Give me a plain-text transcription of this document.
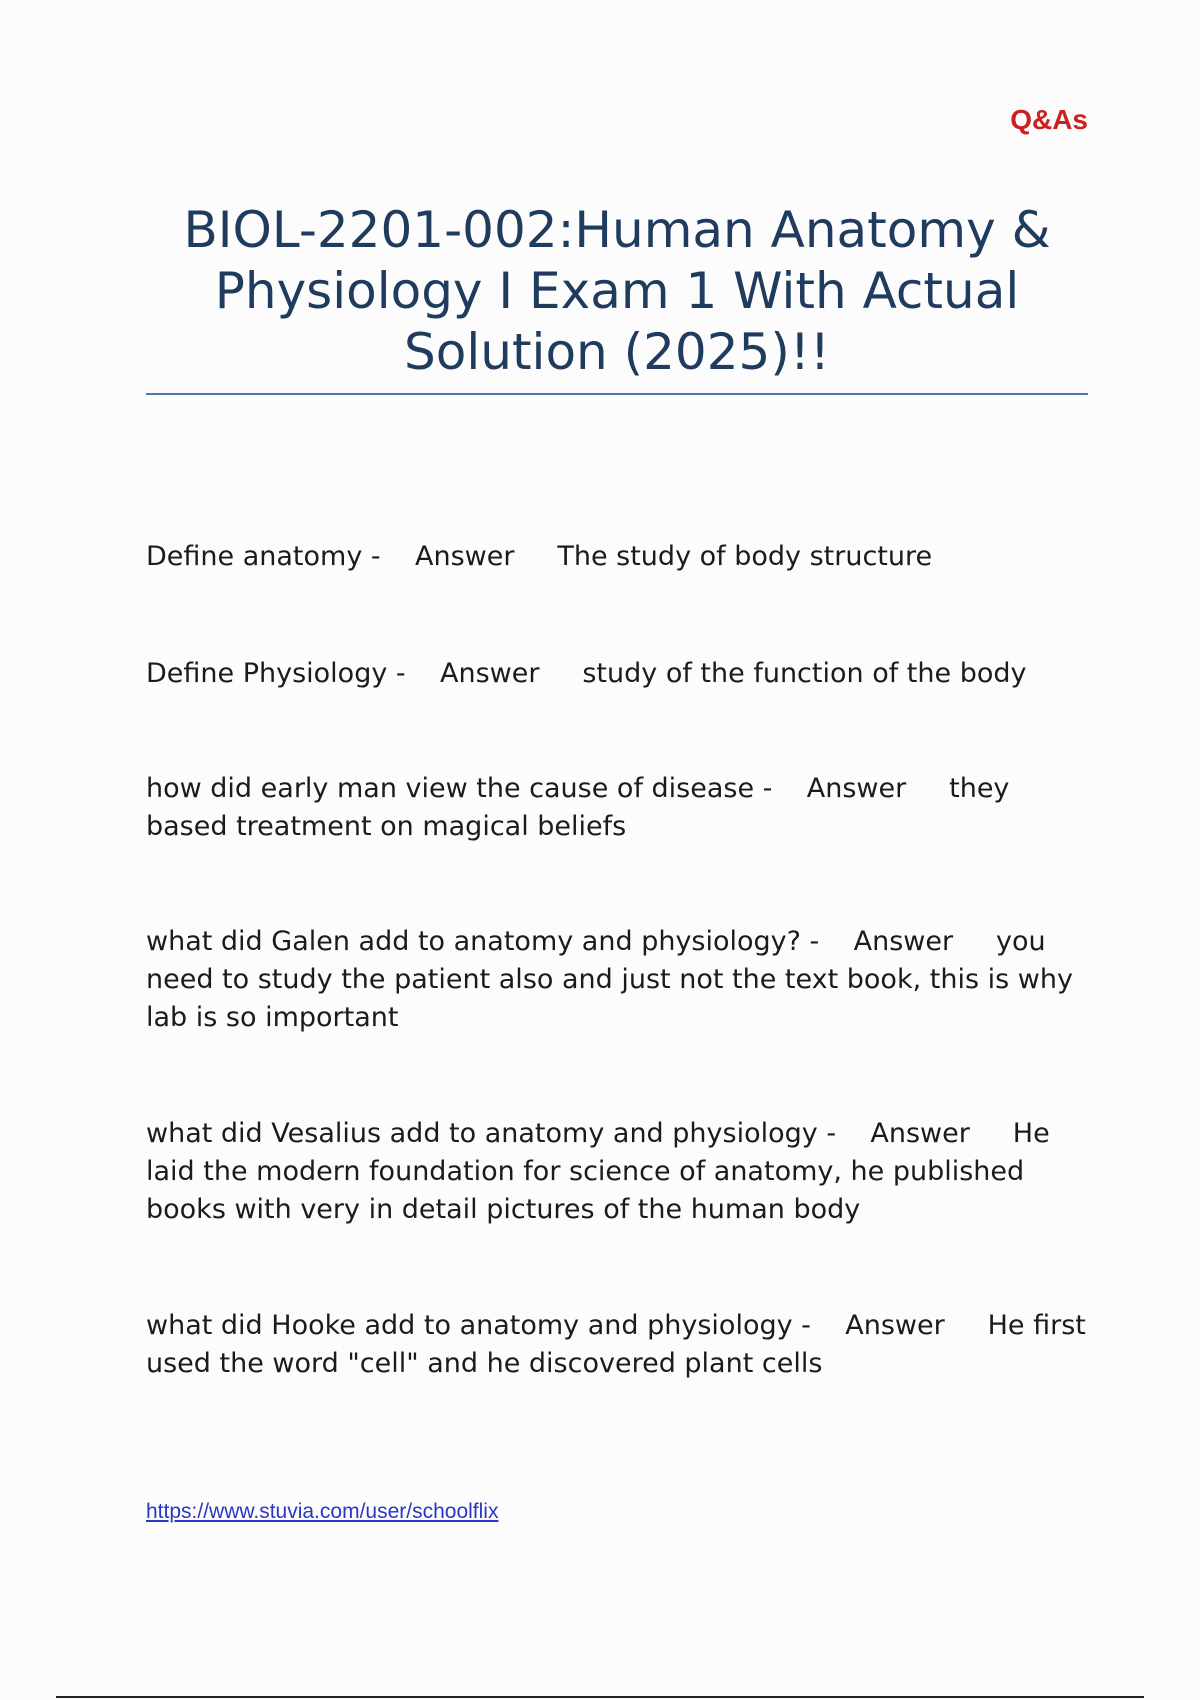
Q&As
BIOL-2201-002:Human Anatomy & Physiology I Exam 1 With Actual Solution (2025)!!
Define anatomy - Answer The study of body structure
Define Physiology - Answer study of the function of the body
how did early man view the cause of disease - Answer they based treatment on magical beliefs
what did Galen add to anatomy and physiology? - Answer you need to study the patient also and just not the text book, this is why lab is so important
what did Vesalius add to anatomy and physiology - Answer He laid the modern foundation for science of anatomy, he published books with very in detail pictures of the human body
what did Hooke add to anatomy and physiology - Answer He first used the word "cell" and he discovered plant cells
https://www.stuvia.com/user/schoolflix
